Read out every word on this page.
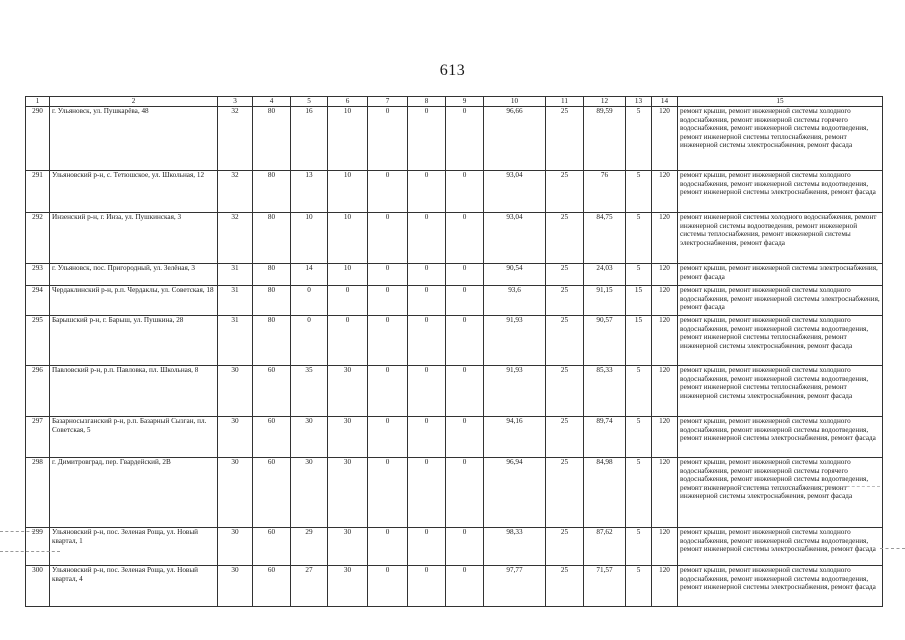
613
1	2	3	4	5	6	7	8	9	10	11	12	13	14	15
290	г. Ульяновск, ул. Пушкарёва, 48	32	80	16	10	0	0	0	96,66	25	89,59	5	120	ремонт крыши, ремонт инженерной системы холодного водоснабжения, ремонт инженерной системы горячего водоснабжения, ремонт инженерной системы водоотведения, ремонт инженерной системы теплоснабжения, ремонт инженерной системы электроснабжения, ремонт фасада
291	Ульяновский р-н, с. Тетюшское, ул. Школьная, 12	32	80	13	10	0	0	0	93,04	25	76	5	120	ремонт крыши, ремонт инженерной системы холодного водоснабжения, ремонт инженерной системы водоотведения, ремонт инженерной системы электроснабжения, ремонт фасада
292	Инзенский р-н, г. Инза, ул. Пушкинская, 3	32	80	10	10	0	0	0	93,04	25	84,75	5	120	ремонт инженерной системы холодного водоснабжения, ремонт инженерной системы водоотведения, ремонт инженерной системы теплоснабжения, ремонт инженерной системы электроснабжения, ремонт фасада
293	г. Ульяновск, пос. Пригородный, ул. Зелёная, 3	31	80	14	10	0	0	0	90,54	25	24,03	5	120	ремонт крыши, ремонт инженерной системы электроснабжения, ремонт фасада
294	Чердаклинский р-н, р.п. Чердаклы, ул. Советская, 18	31	80	0	0	0	0	0	93,6	25	91,15	15	120	ремонт крыши, ремонт инженерной системы холодного водоснабжения, ремонт инженерной системы электроснабжения, ремонт фасада
295	Барышский р-н, г. Барыш, ул. Пушкина, 28	31	80	0	0	0	0	0	91,93	25	90,57	15	120	ремонт крыши, ремонт инженерной системы холодного водоснабжения, ремонт инженерной системы водоотведения, ремонт инженерной системы теплоснабжения, ремонт инженерной системы электроснабжения, ремонт фасада
296	Павловский р-н, р.п. Павловка, пл. Школьная, 8	30	60	35	30	0	0	0	91,93	25	85,33	5	120	ремонт крыши, ремонт инженерной системы холодного водоснабжения, ремонт инженерной системы водоотведения, ремонт инженерной системы теплоснабжения, ремонт инженерной системы электроснабжения, ремонт фасада
297	Базарносызганский р-н, р.п. Базарный Сызган, пл. Советская, 5	30	60	30	30	0	0	0	94,16	25	89,74	5	120	ремонт крыши, ремонт инженерной системы холодного водоснабжения, ремонт инженерной системы водоотведения, ремонт инженерной системы электроснабжения, ремонт фасада
298	г. Димитровград, пер. Гвардейский, 2В	30	60	30	30	0	0	0	96,94	25	84,98	5	120	ремонт крыши, ремонт инженерной системы холодного водоснабжения, ремонт инженерной системы горячего водоснабжения, ремонт инженерной системы водоотведения, ремонт инженерной системы теплоснабжения, ремонт инженерной системы электроснабжения, ремонт фасада
299	Ульяновский р-н, пос. Зеленая Роща, ул. Новый квартал, 1	30	60	29	30	0	0	0	98,33	25	87,62	5	120	ремонт крыши, ремонт инженерной системы холодного водоснабжения, ремонт инженерной системы водоотведения, ремонт инженерной системы электроснабжения, ремонт фасада
300	Ульяновский р-н, пос. Зеленая Роща, ул. Новый квартал, 4	30	60	27	30	0	0	0	97,77	25	71,57	5	120	ремонт крыши, ремонт инженерной системы холодного водоснабжения, ремонт инженерной системы водоотведения, ремонт инженерной системы электроснабжения, ремонт фасада
